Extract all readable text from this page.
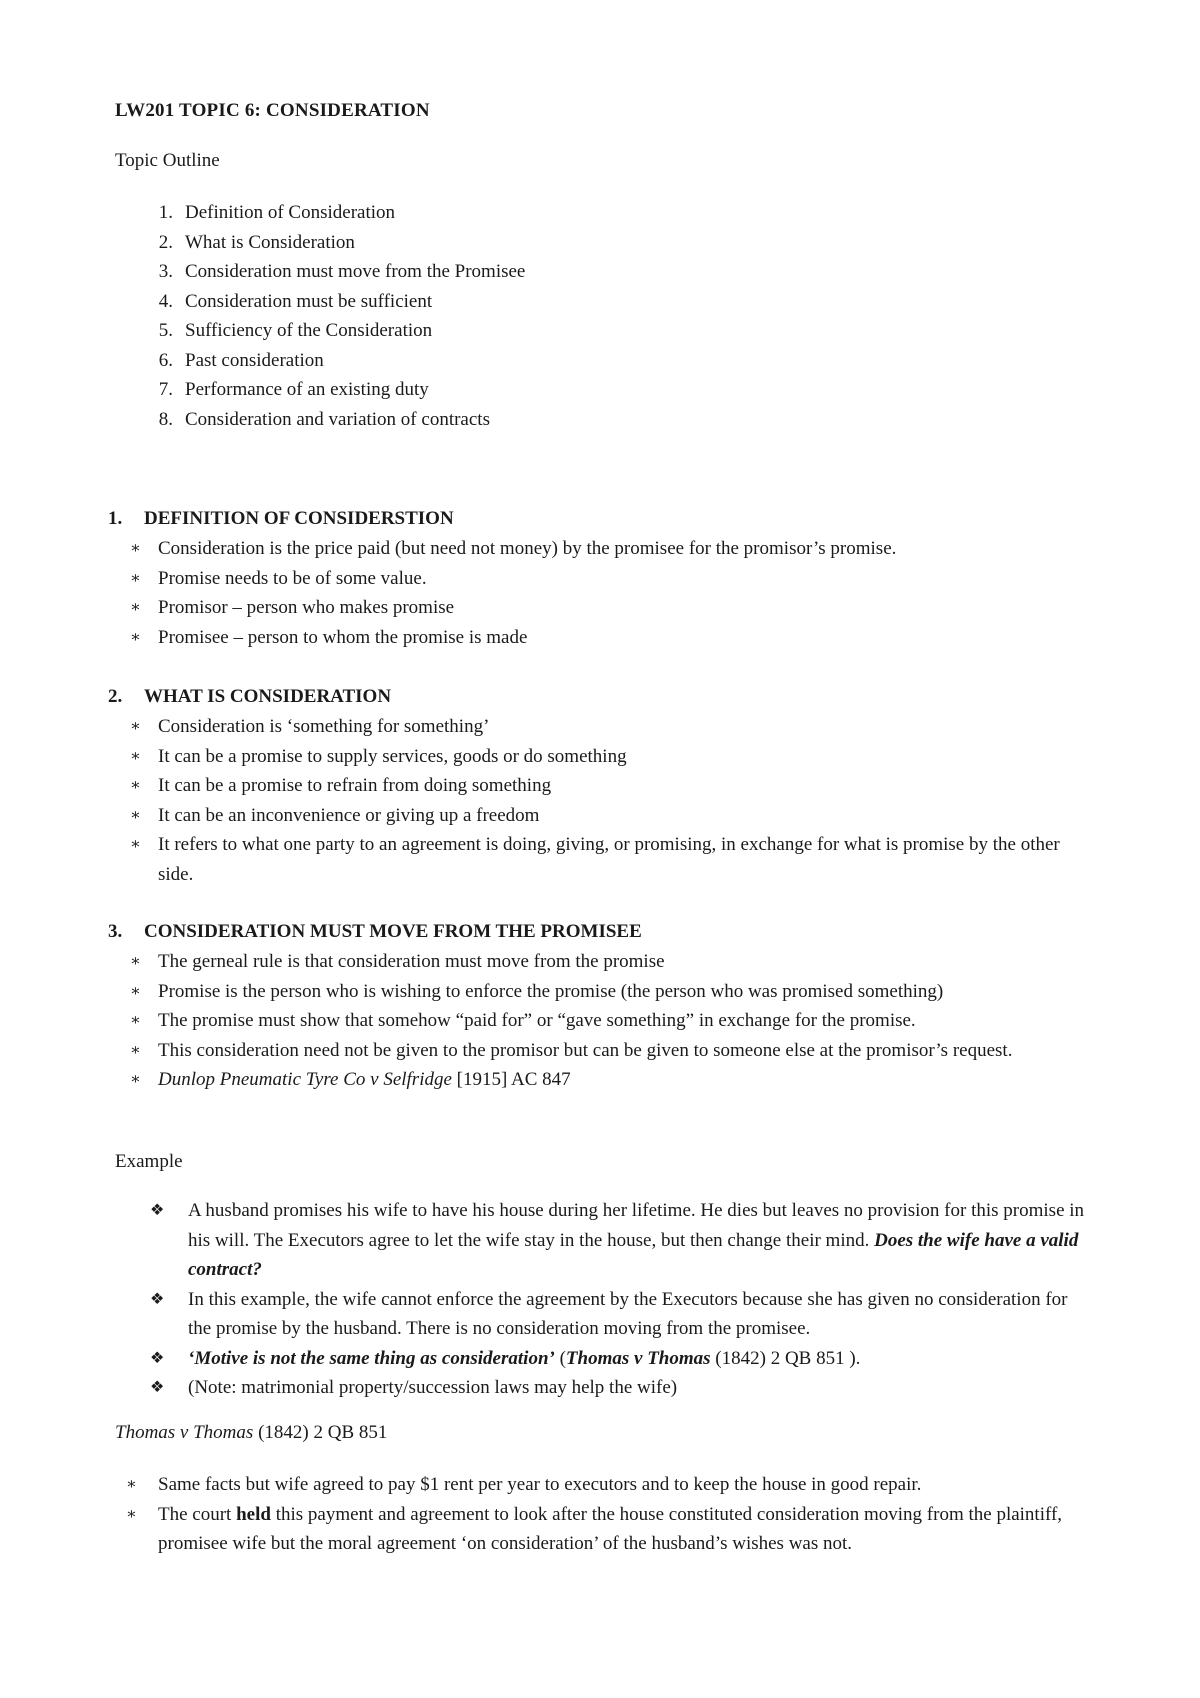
LW201 TOPIC 6: CONSIDERATION
Topic Outline
1. Definition of Consideration
2. What is Consideration
3. Consideration must move from the Promisee
4. Consideration must be sufficient
5. Sufficiency of the Consideration
6. Past consideration
7. Performance of an existing duty
8. Consideration and variation of contracts
1. DEFINITION OF CONSIDERSTION
∗ Consideration is the price paid (but need not money) by the promisee for the promisor’s promise.
∗ Promise needs to be of some value.
∗ Promisor – person who makes promise
∗ Promisee – person to whom the promise is made
2. WHAT IS CONSIDERATION
∗ Consideration is ‘something for something’
∗ It can be a promise to supply services, goods or do something
∗ It can be a promise to refrain from doing something
∗ It can be an inconvenience or giving up a freedom
∗ It refers to what one party to an agreement is doing, giving, or promising, in exchange for what is promise by the other side.
3. CONSIDERATION MUST MOVE FROM THE PROMISEE
∗ The gerneal rule is that consideration must move from the promise
∗ Promise is the person who is wishing to enforce the promise (the person who was promised something)
∗ The promise must show that somehow “paid for” or “gave something” in exchange for the promise.
∗ This consideration need not be given to the promisor but can be given to someone else at the promisor’s request.
∗ Dunlop Pneumatic Tyre Co v Selfridge [1915] AC 847
Example
❖ A husband promises his wife to have his house during her lifetime. He dies but leaves no provision for this promise in his will. The Executors agree to let the wife stay in the house, but then change their mind. Does the wife have a valid contract?
❖ In this example, the wife cannot enforce the agreement by the Executors because she has given no consideration for the promise by the husband. There is no consideration moving from the promisee.
❖ ‘Motive is not the same thing as consideration’ (Thomas v Thomas (1842) 2 QB 851 ).
❖ (Note: matrimonial property/succession laws may help the wife)
Thomas v Thomas (1842) 2 QB 851
∗ Same facts but wife agreed to pay $1 rent per year to executors and to keep the house in good repair.
∗ The court held this payment and agreement to look after the house constituted consideration moving from the plaintiff, promisee wife but the moral agreement ‘on consideration’ of the husband’s wishes was not.
